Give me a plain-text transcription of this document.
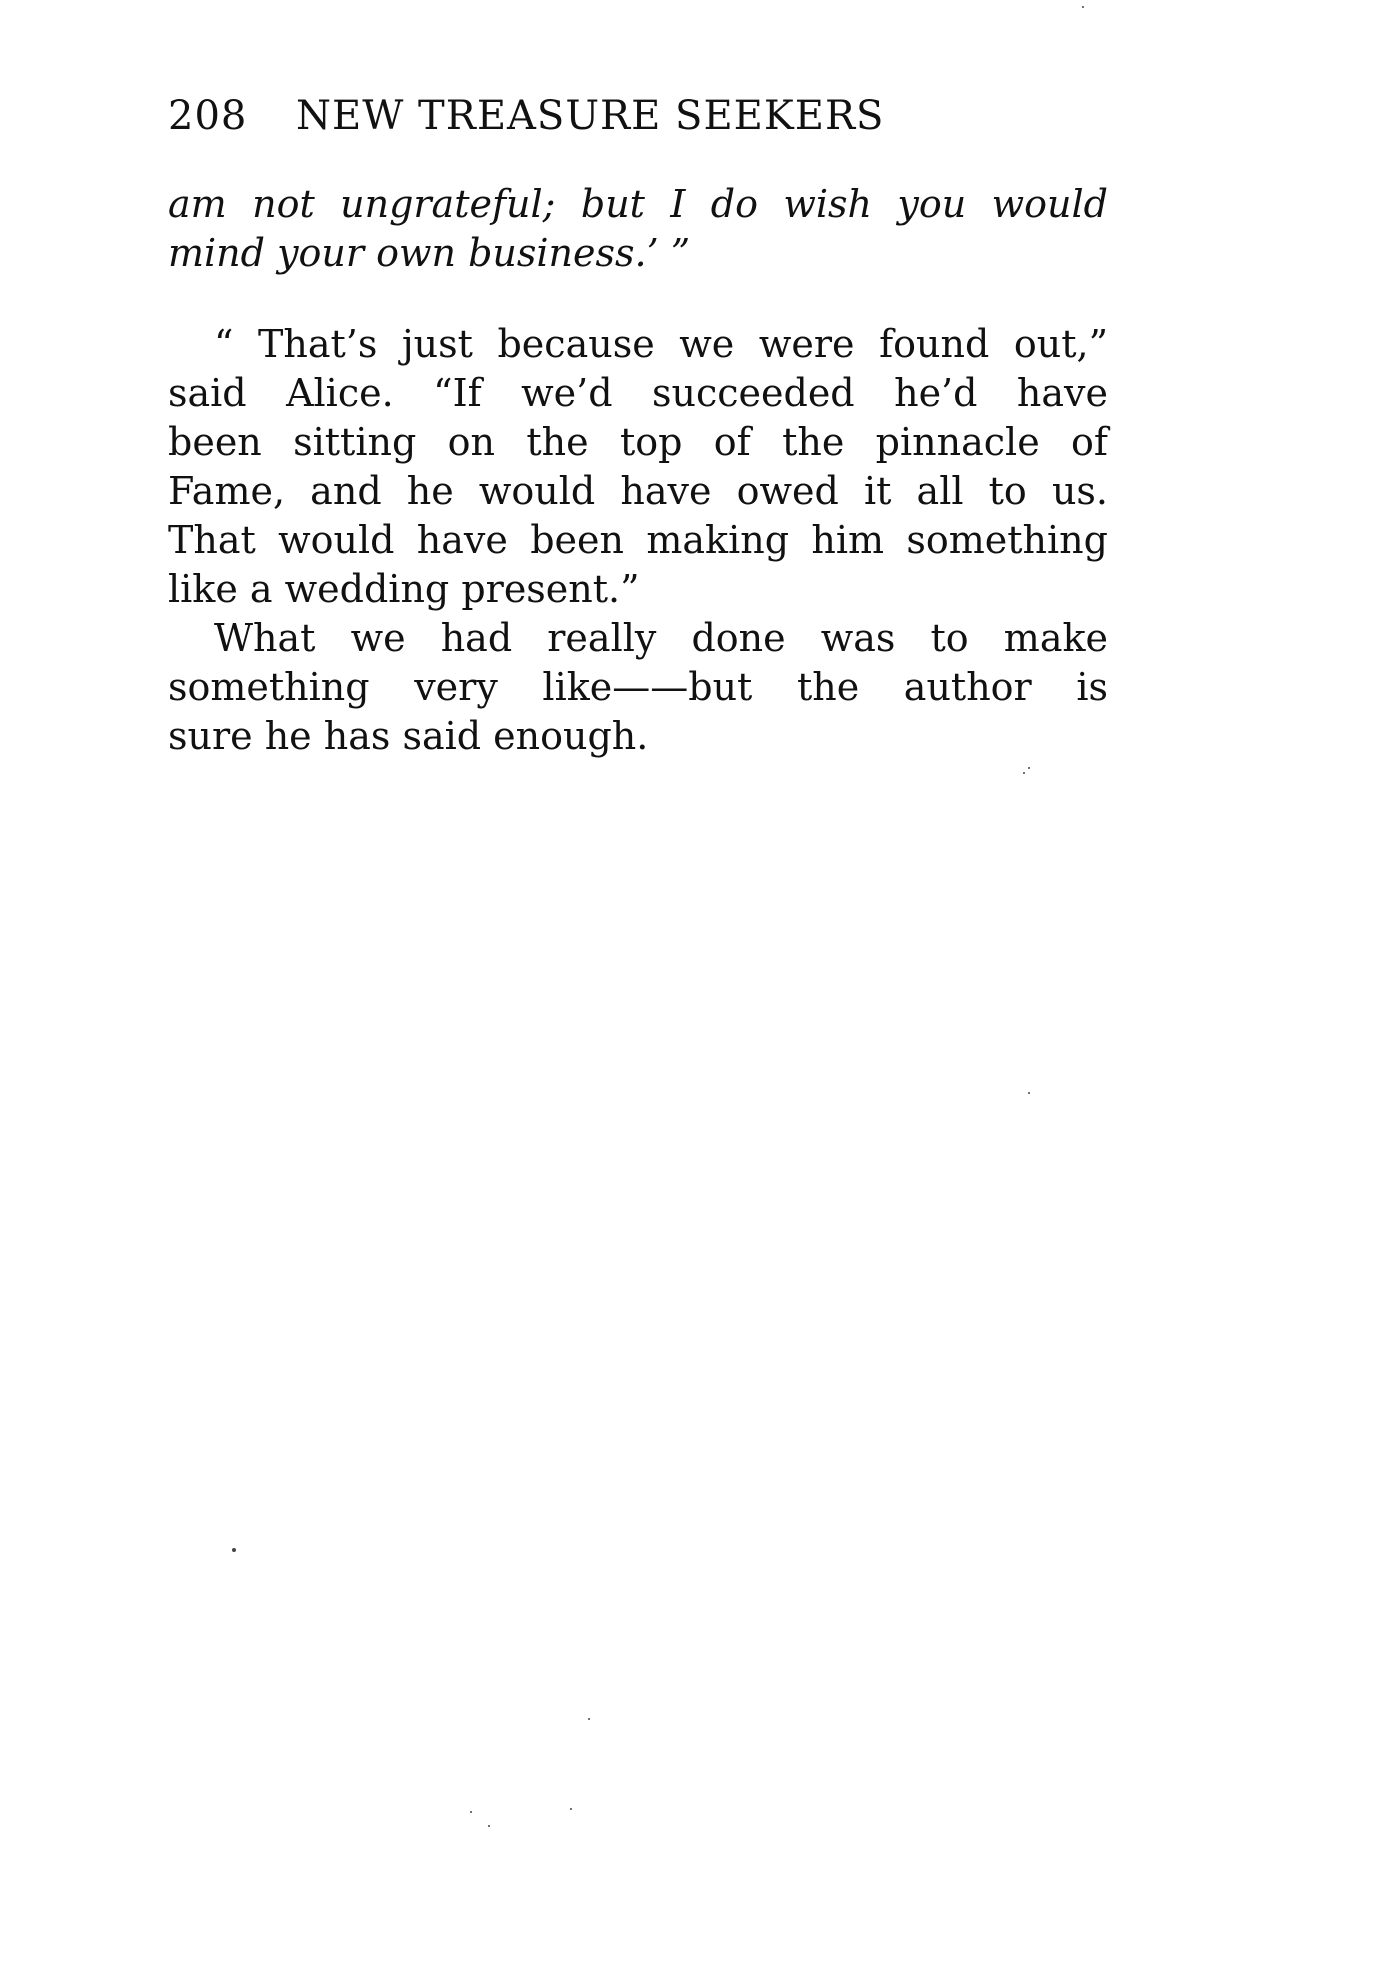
208 NEW TREASURE SEEKERS
am not ungrateful; but I do wish you would
mind your own business.’ ”
“ That’s just because we were found out,”
said Alice. “If we’d succeeded he’d have
been sitting on the top of the pinnacle of
Fame, and he would have owed it all to us.
That would have been making him something
like a wedding present.”
What we had really done was to make
something very like——but the author is
sure he has said enough.
